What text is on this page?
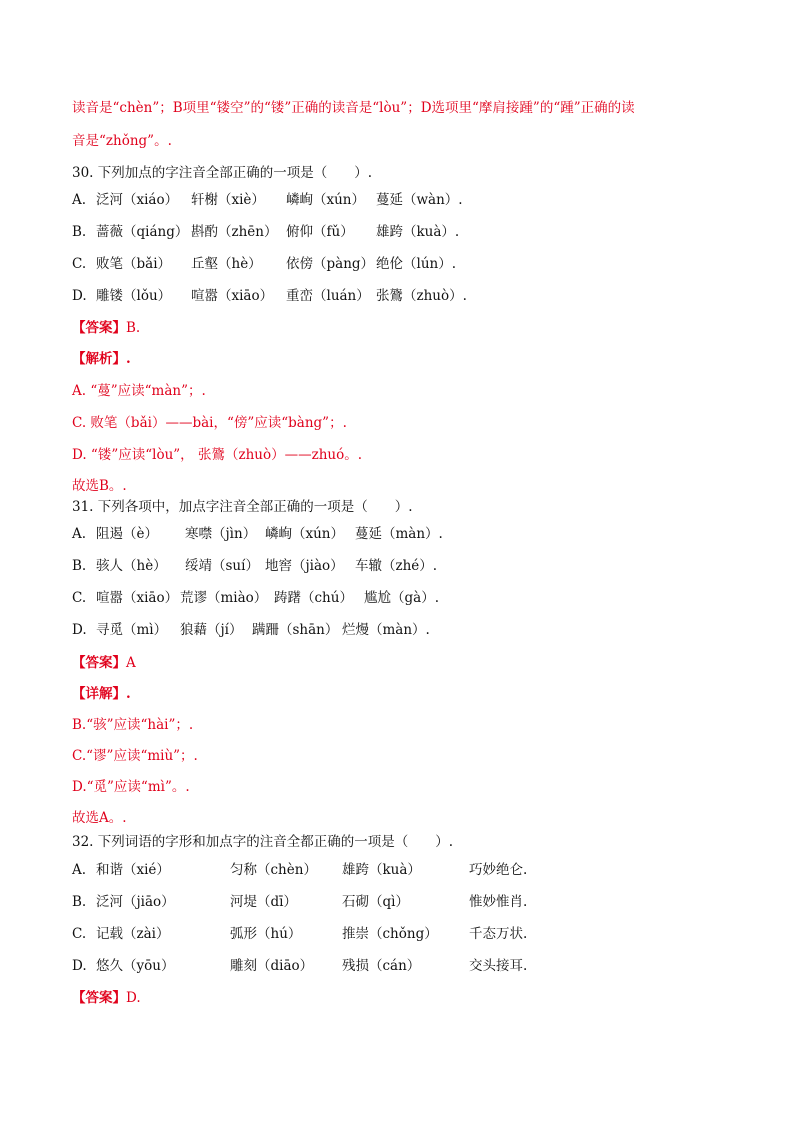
读音是“chèn”；B项里“镂空”的“镂”正确的读音是“lòu”；D选项里“摩肩接踵”的“踵”正确的读
音是“zhǒng”。.
30. 下列加点的字注音全部正确的一项是（　　）.
A. 泛河（xiáo） 轩榭（xiè） 嶙峋（xún） 蔓延（wàn）.
B. 蔷薇（qiáng） 斟酌（zhēn） 俯仰（fǔ） 雄跨（kuà）.
C. 败笔（bǎi） 丘壑（hè） 依傍（pàng） 绝伦（lún）.
D. 雕镂（lǒu） 喧嚣（xiāo） 重峦（luán） 张鷟（zhuò）.
【答案】B.
【解析】.
A. “蔓”应读“màn”；.
C. 败笔（bǎi）——bài，“傍”应读“bàng”；.
D. “镂”应读“lòu”， 张鷟（zhuò）——zhuó。.
故选B。.
31. 下列各项中，加点字注音全部正确的一项是（　　）.
A. 阻遏（è） 寒噤（jìn） 嶙峋（xún） 蔓延（màn）.
B. 骇人（hè） 绥靖（suí） 地窖（jiào） 车辙（zhé）.
C. 喧嚣（xiāo） 荒谬（miào） 踌躇（chú） 尴尬（gà）.
D. 寻觅（mì） 狼藉（jí） 蹒跚（shān） 烂熳（màn）.
【答案】A
【详解】.
B.“骇”应读“hài”；.
C.“谬”应读“miù”；.
D.“觅”应读“mì”。.
故选A。.
32. 下列词语的字形和加点字的注音全都正确的一项是（　　）.
A. 和谐（xié）	匀称（chèn） 雄跨（kuà）	巧妙绝仑.
B. 泛河（jiāo）	河堤（dī）	石砌（qì）	惟妙惟肖.
C. 记载（zài）	弧形（hú）	推崇（chǒng） 千态万状.
D. 悠久（yōu）	雕刻（diāo） 残损（cán）	交头接耳.
【答案】D.
